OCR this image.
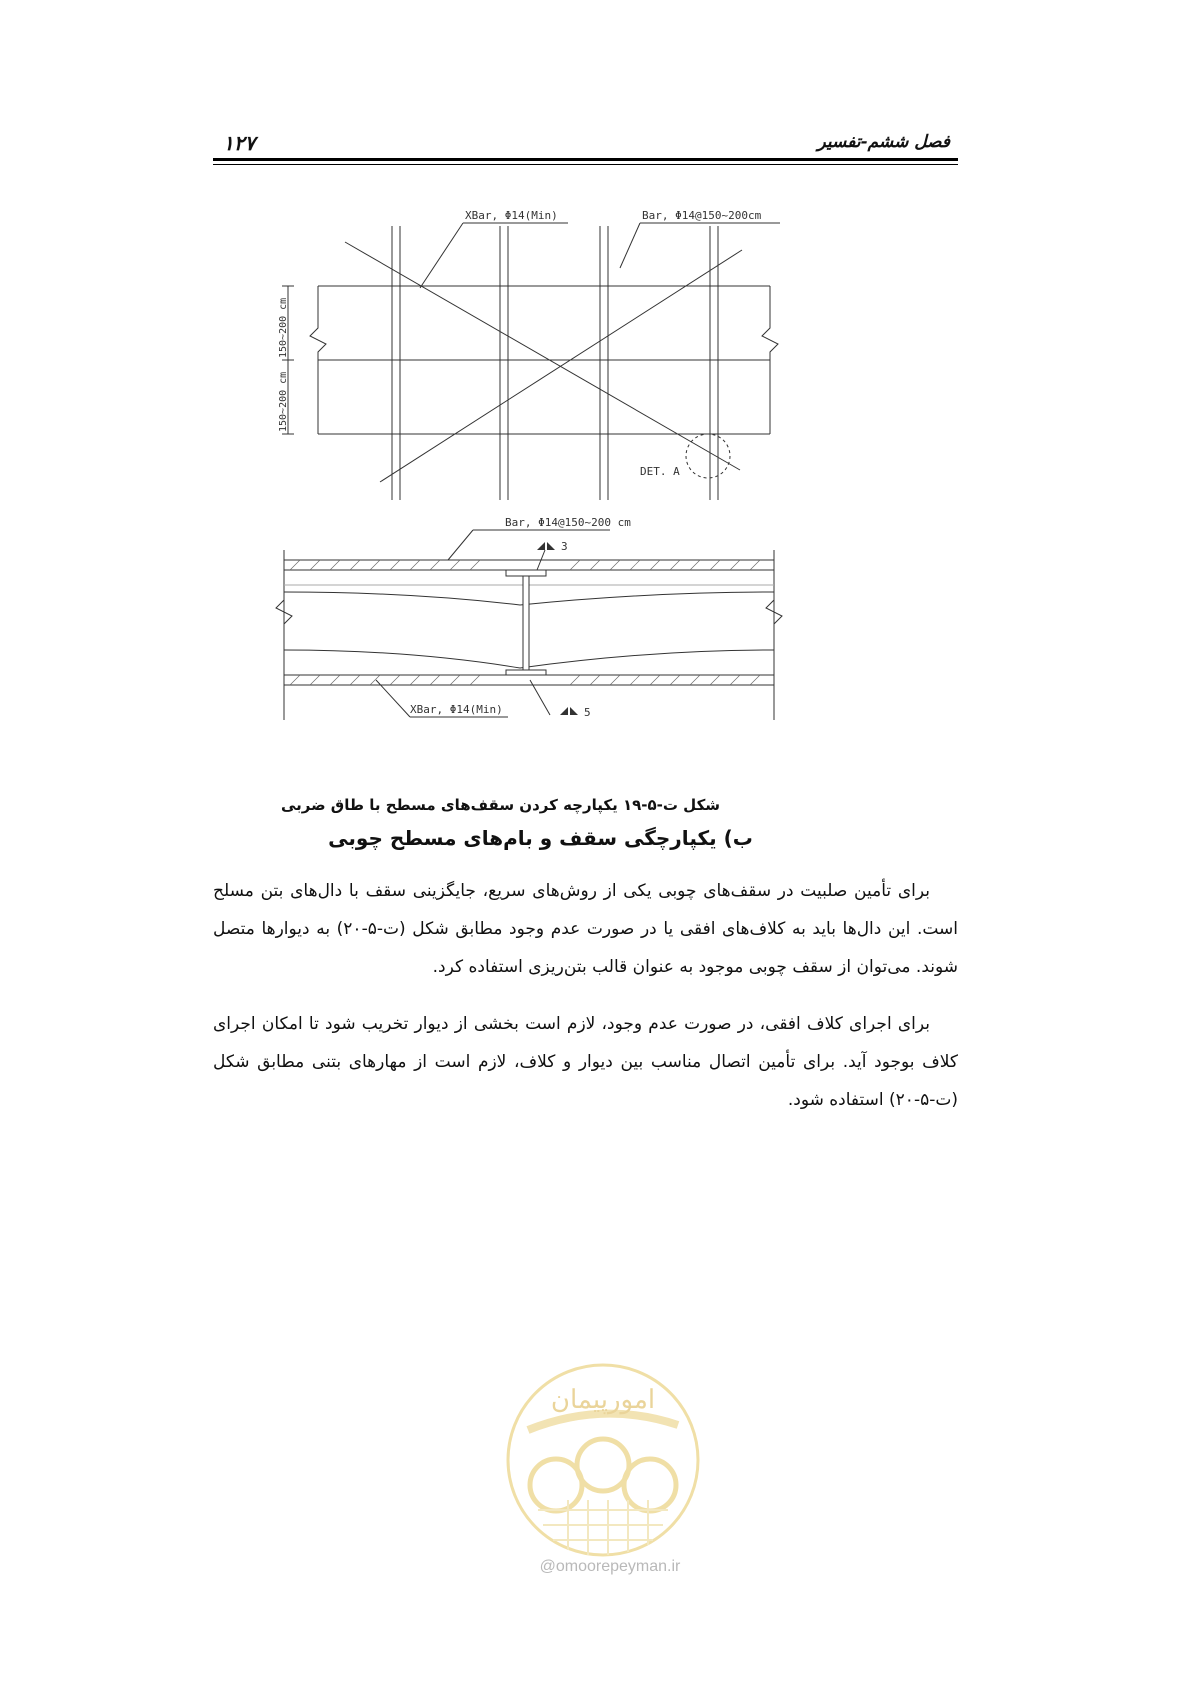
۱۲۷	فصل ششم-تفسیر
XBar, Φ14(Min)	Bar, Φ14@150~200cm
DET. A
150~200 cm
150~200 cm
Bar, Φ14@150~200 cm
XBar, Φ14(Min)
3
5
شکل ت-۵-۱۹ یکپارچه کردن سقف‌های مسطح با طاق ضربی
ب) یکپارچگی سقف و بام‌های مسطح چوبی

برای تأمین صلبیت در سقف‌های چوبی یکی از روش‌های سریع، جایگزینی سقف با دال‌های بتن مسلح است. این دال‌ها باید به کلاف‌های افقی یا در صورت عدم وجود مطابق شکل (ت-۵-۲۰) به دیوارها متصل شوند. می‌توان از سقف چوبی موجود به عنوان قالب بتن‌ریزی استفاده کرد.

برای اجرای کلاف افقی، در صورت عدم وجود، لازم است بخشی از دیوار تخریب شود تا امکان اجرای کلاف بوجود آید. برای تأمین اتصال مناسب بین دیوار و کلاف، لازم است از مهارهای بتنی مطابق شکل (ت-۵-۲۰) استفاده شود.

امورپیمان
@omoorepeyman.ir
